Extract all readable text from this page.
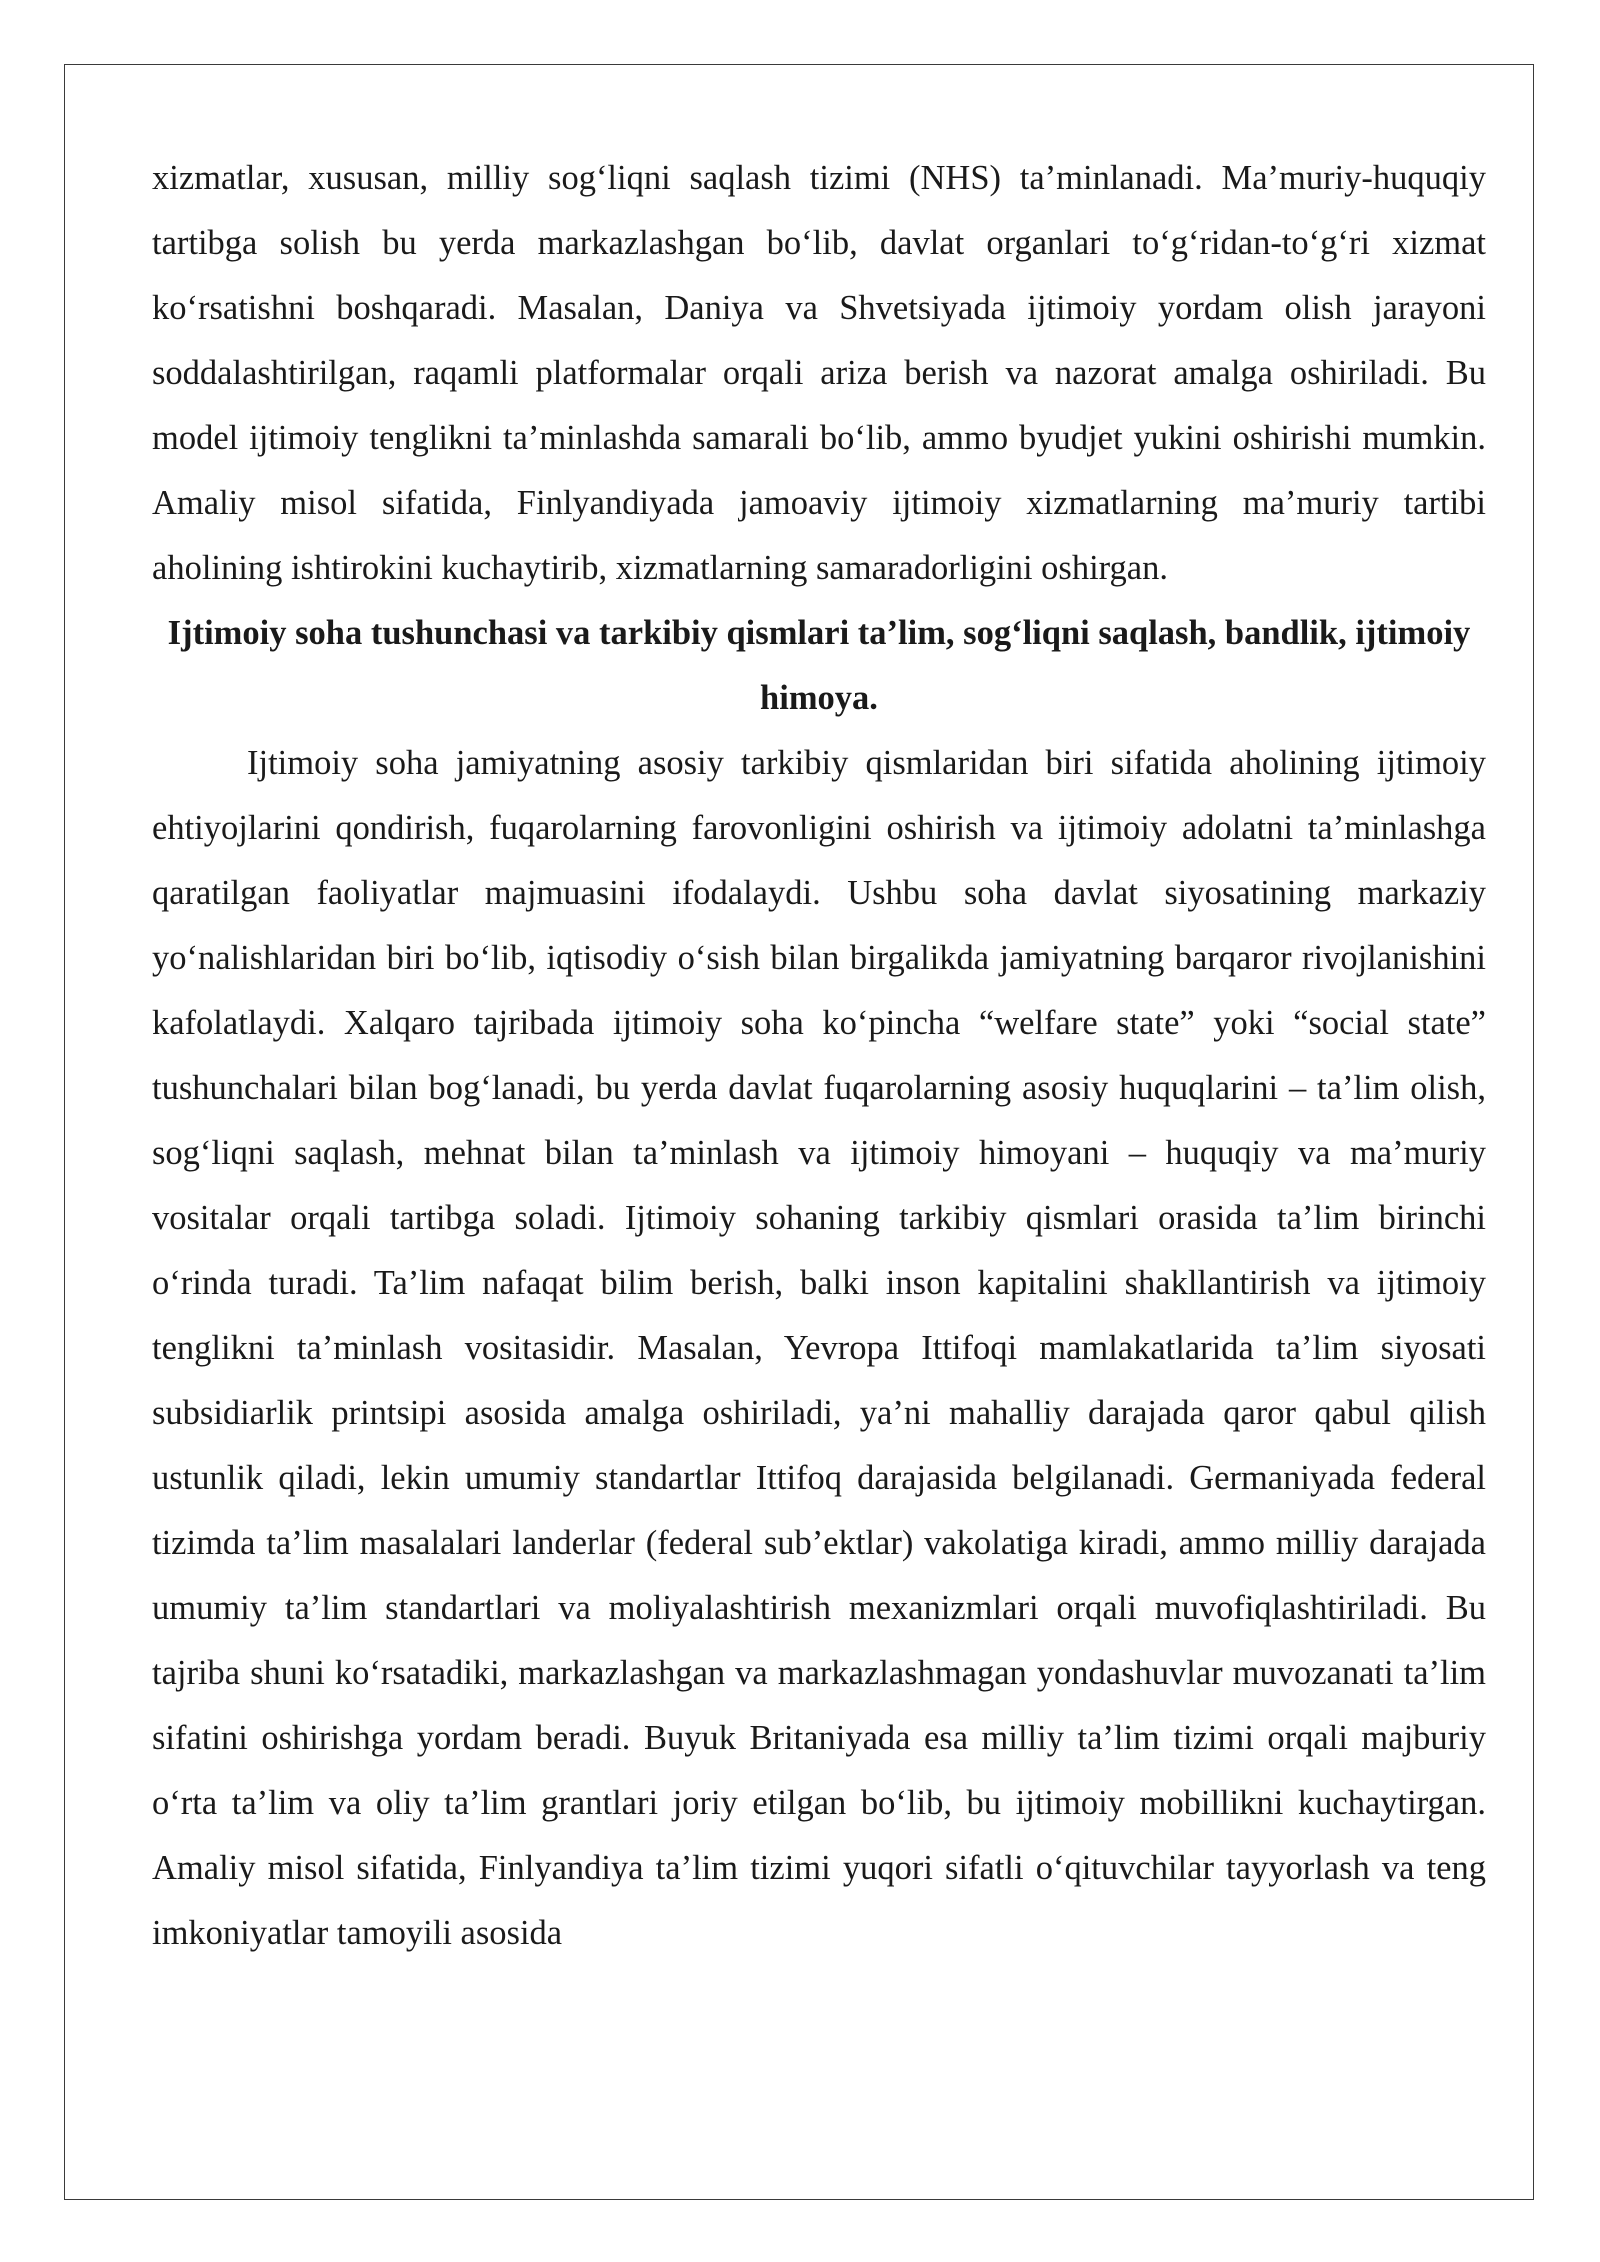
xizmatlar, xususan, milliy sog‘liqni saqlash tizimi (NHS) ta’minlanadi. Ma’muriy-huquqiy tartibga solish bu yerda markazlashgan bo‘lib, davlat organlari to‘g‘ridan-to‘g‘ri xizmat ko‘rsatishni boshqaradi. Masalan, Daniya va Shvetsiyada ijtimoiy yordam olish jarayoni soddalashtirilgan, raqamli platformalar orqali ariza berish va nazorat amalga oshiriladi. Bu model ijtimoiy tenglikni ta’minlashda samarali bo‘lib, ammo byudjet yukini oshirishi mumkin. Amaliy misol sifatida, Finlyandiyada jamoaviy ijtimoiy xizmatlarning ma’muriy tartibi aholining ishtirokini kuchaytirib, xizmatlarning samaradorligini oshirgan.

Ijtimoiy soha tushunchasi va tarkibiy qismlari ta’lim, sog‘liqni saqlash, bandlik, ijtimoiy himoya.

Ijtimoiy soha jamiyatning asosiy tarkibiy qismlaridan biri sifatida aholining ijtimoiy ehtiyojlarini qondirish, fuqarolarning farovonligini oshirish va ijtimoiy adolatni ta’minlashga qaratilgan faoliyatlar majmuasini ifodalaydi. Ushbu soha davlat siyosatining markaziy yo‘nalishlaridan biri bo‘lib, iqtisodiy o‘sish bilan birgalikda jamiyatning barqaror rivojlanishini kafolatlaydi. Xalqaro tajribada ijtimoiy soha ko‘pincha “welfare state” yoki “social state” tushunchalari bilan bog‘lanadi, bu yerda davlat fuqarolarning asosiy huquqlarini – ta’lim olish, sog‘liqni saqlash, mehnat bilan ta’minlash va ijtimoiy himoyani – huquqiy va ma’muriy vositalar orqali tartibga soladi. Ijtimoiy sohaning tarkibiy qismlari orasida ta’lim birinchi o‘rinda turadi. Ta’lim nafaqat bilim berish, balki inson kapitalini shakllantirish va ijtimoiy tenglikni ta’minlash vositasidir. Masalan, Yevropa Ittifoqi mamlakatlarida ta’lim siyosati subsidiarlik printsipi asosida amalga oshiriladi, ya’ni mahalliy darajada qaror qabul qilish ustunlik qiladi, lekin umumiy standartlar Ittifoq darajasida belgilanadi. Germaniyada federal tizimda ta’lim masalalari landerlar (federal sub’ektlar) vakolatiga kiradi, ammo milliy darajada umumiy ta’lim standartlari va moliyalashtirish mexanizmlari orqali muvofiqlashtiriladi. Bu tajriba shuni ko‘rsatadiki, markazlashgan va markazlashmagan yondashuvlar muvozanati ta’lim sifatini oshirishga yordam beradi. Buyuk Britaniyada esa milliy ta’lim tizimi orqali majburiy o‘rta ta’lim va oliy ta’lim grantlari joriy etilgan bo‘lib, bu ijtimoiy mobillikni kuchaytirgan. Amaliy misol sifatida, Finlyandiya ta’lim tizimi yuqori sifatli o‘qituvchilar tayyorlash va teng imkoniyatlar tamoyili asosida
